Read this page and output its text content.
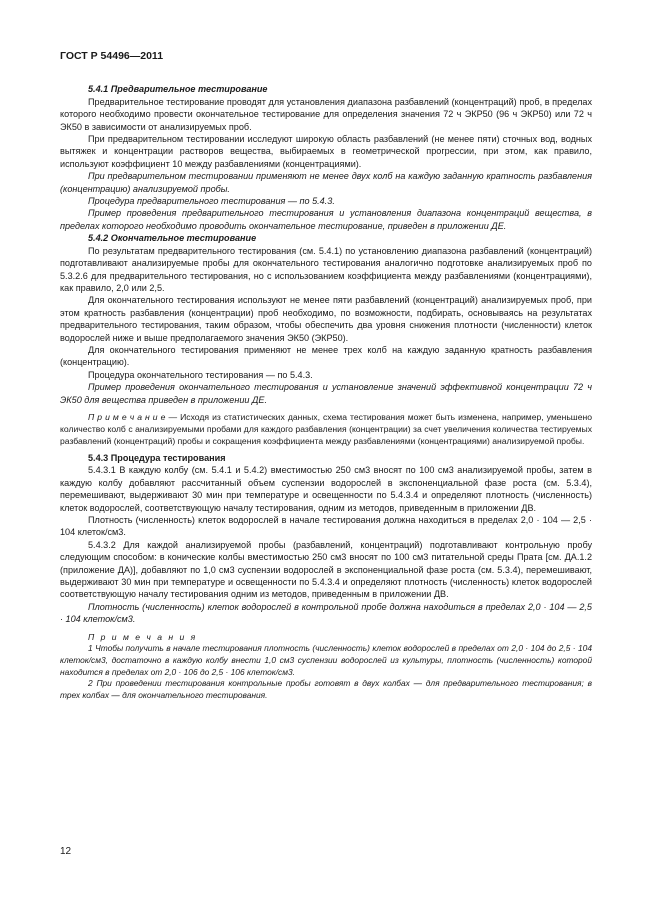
ГОСТ Р 54496—2011
5.4.1 Предварительное тестирование

Предварительное тестирование проводят для установления диапазона разбавлений (концентраций) проб, в пределах которого необходимо провести окончательное тестирование для определения значения 72 ч ЭКР50 (96 ч ЭКР50) или 72 ч ЭК50 в зависимости от анализируемых проб.

При предварительном тестировании исследуют широкую область разбавлений (не менее пяти) сточных вод, водных вытяжек и концентрации растворов вещества, выбираемых в геометрической прогрессии, при этом, как правило, используют коэффициент 10 между разбавлениями (концентрациями).

При предварительном тестировании применяют не менее двух колб на каждую заданную кратность разбавления (концентрацию) анализируемой пробы.

Процедура предварительного тестирования — по 5.4.3.

Пример проведения предварительного тестирования и установления диапазона концентраций вещества, в пределах которого необходимо проводить окончательное тестирование, приведен в приложении ДЕ.

5.4.2 Окончательное тестирование

По результатам предварительного тестирования (см. 5.4.1) по установлению диапазона разбавлений (концентраций) подготавливают анализируемые пробы для окончательного тестирования аналогично подготовке анализируемых проб по 5.3.2.6 для предварительного тестирования, но с использованием коэффициента между разбавлениями (концентрациями), как правило, 2,0 или 2,5.

Для окончательного тестирования используют не менее пяти разбавлений (концентраций) анализируемых проб, при этом кратность разбавления (концентрации) проб необходимо, по возможности, подбирать, основываясь на результатах предварительного тестирования, таким образом, чтобы обеспечить два уровня снижения плотности (численности) клеток водорослей ниже и выше предполагаемого значения ЭК50 (ЭКР50).

Для окончательного тестирования применяют не менее трех колб на каждую заданную кратность разбавления (концентрацию).

Процедура окончательного тестирования — по 5.4.3.

Пример проведения окончательного тестирования и установление значений эффективной концентрации 72 ч ЭК50 для вещества приведен в приложении ДЕ.

П р и м е ч а н и е — Исходя из статистических данных, схема тестирования может быть изменена, например, уменьшено количество колб с анализируемыми пробами для каждого разбавления (концентрации) за счет увеличения количества тестируемых разбавлений (концентраций) пробы и сокращения коэффициента между разбавлениями (концентрациями) анализируемой пробы.

5.4.3 Процедура тестирования

5.4.3.1 В каждую колбу (см. 5.4.1 и 5.4.2) вместимостью 250 см3 вносят по 100 см3 анализируемой пробы, затем в каждую колбу добавляют рассчитанный объем суспензии водорослей в экспоненциальной фазе роста (см. 5.3.4), перемешивают, выдерживают 30 мин при температуре и освещенности по 5.4.3.4 и определяют плотность (численность) клеток водорослей, соответствующую началу тестирования, одним из методов, приведенным в приложении ДВ.

Плотность (численность) клеток водорослей в начале тестирования должна находиться в пределах 2,0 · 104 — 2,5 · 104 клеток/см3.

5.4.3.2 Для каждой анализируемой пробы (разбавлений, концентраций) подготавливают контрольную пробу следующим способом: в конические колбы вместимостью 250 см3 вносят по 100 см3 питательной среды Прата [см. ДА.1.2 (приложение ДА)], добавляют по 1,0 см3 суспензии водорослей в экспоненциальной фазе роста (см. 5.3.4), перемешивают, выдерживают 30 мин при температуре и освещенности по 5.4.3.4 и определяют плотность (численность) клеток водорослей соответствующую началу тестирования одним из методов, приведенным в приложении ДВ.

Плотность (численность) клеток водорослей в контрольной пробе должна находиться в пределах 2,0 · 104 — 2,5 · 104 клеток/см3.

П р и м е ч а н и я

1 Чтобы получить в начале тестирования плотность (численность) клеток водорослей в пределах от 2,0 · 104 до 2,5 · 104 клеток/см3, достаточно в каждую колбу внести 1,0 см3 суспензии водорослей из культуры, плотность (численность) которой находится в пределах от 2,0 · 106 до 2,5 · 106 клеток/см3.

2 При проведении тестирования контрольные пробы готовят в двух колбах — для предварительного тестирования; в трех колбах — для окончательного тестирования.

12
